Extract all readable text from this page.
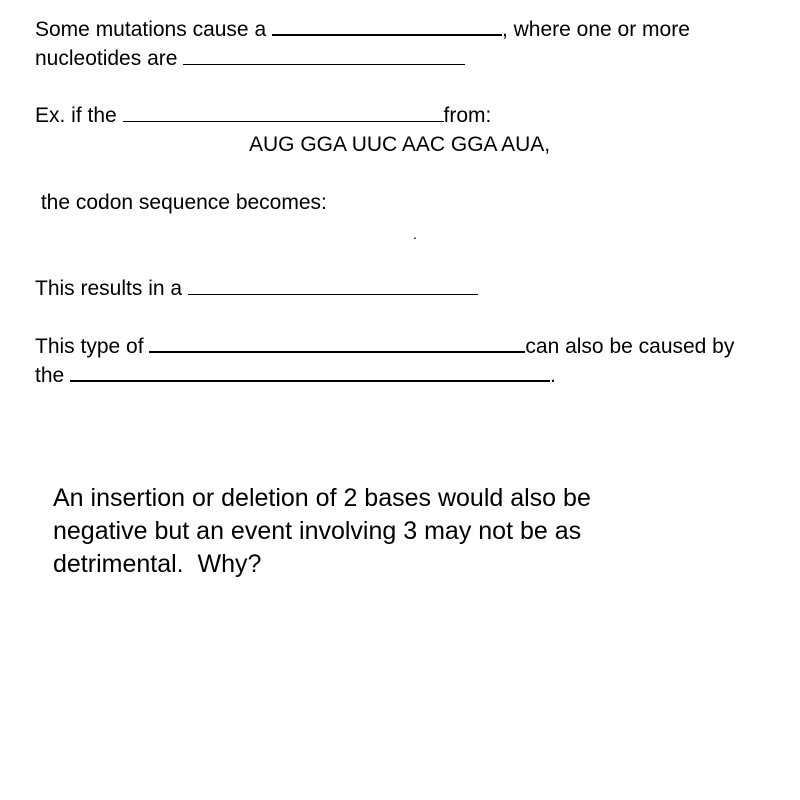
Some mutations cause a	, where one or more
nucleotides are
Ex. if the	from:
AUG GGA UUC AAC GGA AUA,
the codon sequence becomes:
.
This results in a
This type of	can also be caused by
the	.
An insertion or deletion of 2 bases would also be
negative but an event involving 3 may not be as
detrimental.  Why?
